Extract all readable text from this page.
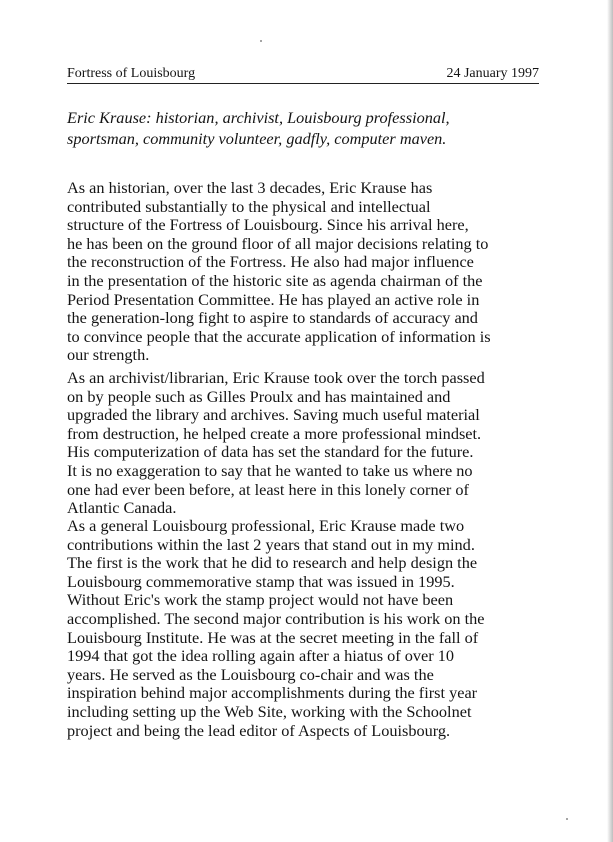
Fortress of Louisbourg	24 January 1997
Eric Krause: historian, archivist, Louisbourg professional,
sportsman, community volunteer, gadfly, computer maven.
As an historian, over the last 3 decades, Eric Krause has
contributed substantially to the physical and intellectual
structure of the Fortress of Louisbourg. Since his arrival here,
he has been on the ground floor of all major decisions relating to
the reconstruction of the Fortress. He also had major influence
in the presentation of the historic site as agenda chairman of the
Period Presentation Committee. He has played an active role in
the generation-long fight to aspire to standards of accuracy and
to convince people that the accurate application of information is
our strength.
As an archivist/librarian, Eric Krause took over the torch passed
on by people such as Gilles Proulx and has maintained and
upgraded the library and archives. Saving much useful material
from destruction, he helped create a more professional mindset.
His computerization of data has set the standard for the future.
It is no exaggeration to say that he wanted to take us where no
one had ever been before, at least here in this lonely corner of
Atlantic Canada.
As a general Louisbourg professional, Eric Krause made two
contributions within the last 2 years that stand out in my mind.
The first is the work that he did to research and help design the
Louisbourg commemorative stamp that was issued in 1995.
Without Eric's work the stamp project would not have been
accomplished. The second major contribution is his work on the
Louisbourg Institute. He was at the secret meeting in the fall of
1994 that got the idea rolling again after a hiatus of over 10
years. He served as the Louisbourg co-chair and was the
inspiration behind major accomplishments during the first year
including setting up the Web Site, working with the Schoolnet
project and being the lead editor of Aspects of Louisbourg.
